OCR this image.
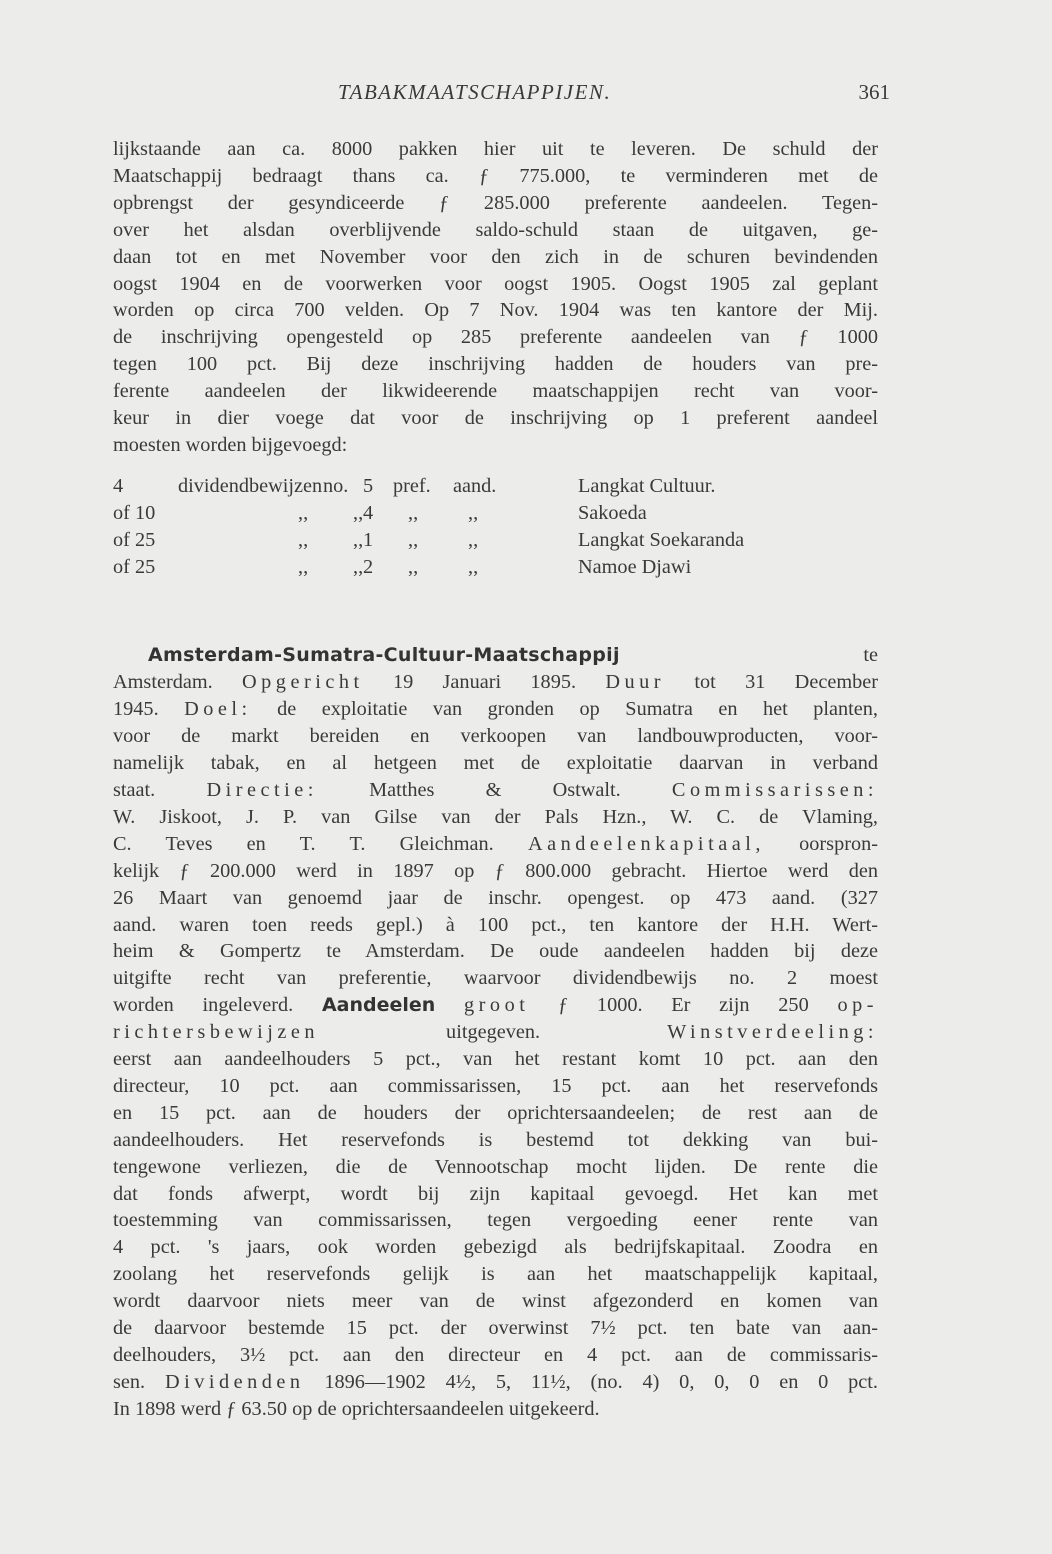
TABAKMAATSCHAPPIJEN.	361

lijkstaande aan ca. 8000 pakken hier uit te leveren. De schuld der
Maatschappij bedraagt thans ca. ƒ 775.000, te verminderen met de
opbrengst der gesyndiceerde ƒ 285.000 preferente aandeelen. Tegen-
over het alsdan overblijvende saldo-schuld staan de uitgaven, ge-
daan tot en met November voor den zich in de schuren bevindenden
oogst 1904 en de voorwerken voor oogst 1905. Oogst 1905 zal geplant
worden op circa 700 velden. Op 7 Nov. 1904 was ten kantore der Mij.
de inschrijving opengesteld op 285 preferente aandeelen van ƒ 1000
tegen 100 pct. Bij deze inschrijving hadden de houders van pre-
ferente aandeelen der likwideerende maatschappijen recht van voor-
keur in dier voege dat voor de inschrijving op 1 preferent aandeel
moesten worden bijgevoegd:

4	dividendbewijzen no. 5 pref. aand.	Langkat Cultuur.
of 10	,, ,, 4 ,, ,,	Sakoeda
of 25	,, ,, 1 ,, ,,	Langkat Soekaranda
of 25	,, ,, 2 ,, ,,	Namoe Djawi

Amsterdam-Sumatra-Cultuur-Maatschappij	te
Amsterdam. Opgericht 19 Januari 1895. Duur tot 31 December
1945. Doel: de exploitatie van gronden op Sumatra en het planten,
voor de markt bereiden en verkoopen van landbouwproducten, voor-
namelijk tabak, en al hetgeen met de exploitatie daarvan in verband
staat. Directie: Matthes & Ostwalt. Commissarissen:
W. Jiskoot, J. P. van Gilse van der Pals Hzn., W. C. de Vlaming,
C. Teves en T. T. Gleichman. Aandeelenkapitaal, oorspron-
kelijk ƒ 200.000 werd in 1897 op ƒ 800.000 gebracht. Hiertoe werd den
26 Maart van genoemd jaar de inschr. opengest. op 473 aand. (327
aand. waren toen reeds gepl.) à 100 pct., ten kantore der H.H. Wert-
heim & Gompertz te Amsterdam. De oude aandeelen hadden bij deze
uitgifte recht van preferentie, waarvoor dividendbewijs no. 2 moest
worden ingeleverd. Aandeelen groot ƒ 1000. Er zijn 250 op-
richtersbewijzen uitgegeven. Winstverdeeling:
eerst aan aandeelhouders 5 pct., van het restant komt 10 pct. aan den
directeur, 10 pct. aan commissarissen, 15 pct. aan het reservefonds
en 15 pct. aan de houders der oprichtersaandeelen; de rest aan de
aandeelhouders. Het reservefonds is bestemd tot dekking van bui-
tengewone verliezen, die de Vennootschap mocht lijden. De rente die
dat fonds afwerpt, wordt bij zijn kapitaal gevoegd. Het kan met
toestemming van commissarissen, tegen vergoeding eener rente van
4 pct. 's jaars, ook worden gebezigd als bedrijfskapitaal. Zoodra en
zoolang het reservefonds gelijk is aan het maatschappelijk kapitaal,
wordt daarvoor niets meer van de winst afgezonderd en komen van
de daarvoor bestemde 15 pct. der overwinst 7½ pct. ten bate van aan-
deelhouders, 3½ pct. aan den directeur en 4 pct. aan de commissaris-
sen. Dividenden 1896—1902 4½, 5, 11½, (no. 4) 0, 0, 0 en 0 pct.
In 1898 werd ƒ 63.50 op de oprichtersaandeelen uitgekeerd.
